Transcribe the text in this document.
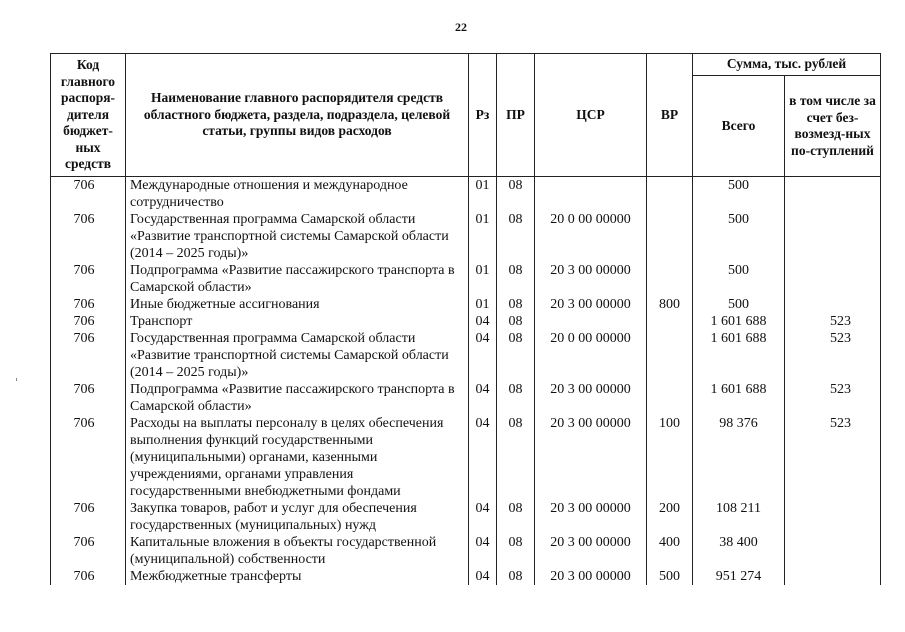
22
Код главного распоря-дителя бюджет-ных средств	Наименование главного распорядителя средств областного бюджета, раздела, подраздела, целевой статьи, группы видов расходов	Рз	ПР	ЦСР	ВР	Сумма, тыс. рублей	
						Всего	в том числе за счет без-возмезд-ных по-ступлений
706	Международные отношения и международное сотрудничество	01	08			500	
706	Государственная программа Самарской области «Развитие транспортной системы Самарской области (2014 – 2025 годы)»	01	08	20 0 00 00000		500	
706	Подпрограмма «Развитие пассажирского транспорта в Самарской области»	01	08	20 3 00 00000		500	
706	Иные бюджетные ассигнования	01	08	20 3 00 00000	800	500	
706	Транспорт	04	08			1 601 688	523
706	Государственная программа Самарской области «Развитие транспортной системы Самарской области (2014 – 2025 годы)»	04	08	20 0 00 00000		1 601 688	523
706	Подпрограмма «Развитие пассажирского транспорта в Самарской области»	04	08	20 3 00 00000		1 601 688	523
706	Расходы на выплаты персоналу в целях обеспечения выполнения функций государственными (муниципальными) органами, казенными учреждениями, органами управления государственными внебюджетными фондами	04	08	20 3 00 00000	100	98 376	523
706	Закупка товаров, работ и услуг для обеспечения государственных (муниципальных) нужд	04	08	20 3 00 00000	200	108 211	
706	Капитальные вложения в объекты государственной (муниципальной) собственности	04	08	20 3 00 00000	400	38 400	
706	Межбюджетные трансферты	04	08	20 3 00 00000	500	951 274	
